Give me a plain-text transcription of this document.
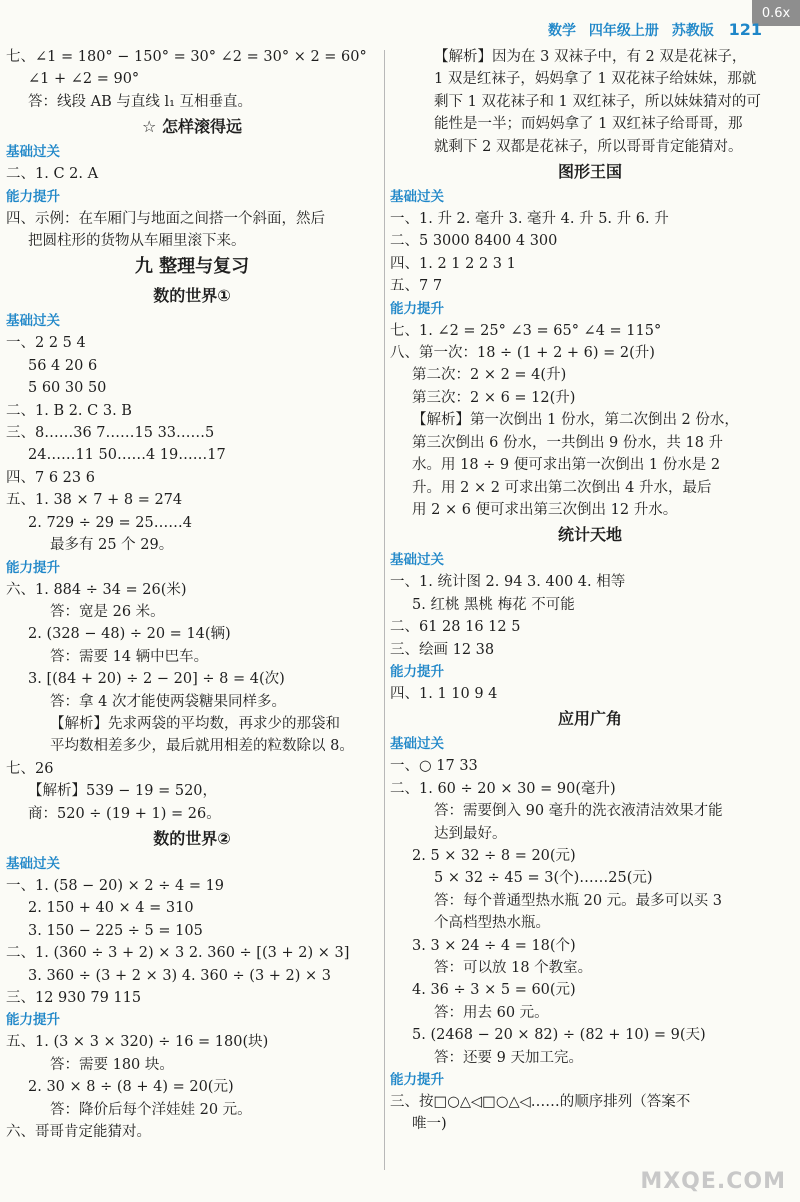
0.6x
数学 四年级上册 苏教版 121
七、∠1 = 180° − 150° = 30° ∠2 = 30° × 2 = 60°
∠1 + ∠2 = 90°
答：线段 AB 与直线 l₁ 互相垂直。
☆ 怎样滚得远
基础过关
二、1. C 2. A
能力提升
四、示例：在车厢门与地面之间搭一个斜面，然后
把圆柱形的货物从车厢里滚下来。
九 整理与复习
数的世界①
基础过关
一、2 2 5 4
56 4 20 6
5 60 30 50
二、1. B 2. C 3. B
三、8……36 7……15 33……5
24……11 50……4 19……17
四、7 6 23 6
五、1. 38 × 7 + 8 = 274
2. 729 ÷ 29 = 25……4
最多有 25 个 29。
能力提升
六、1. 884 ÷ 34 = 26(米)
答：宽是 26 米。
2. (328 − 48) ÷ 20 = 14(辆)
答：需要 14 辆中巴车。
3. [(84 + 20) ÷ 2 − 20] ÷ 8 = 4(次)
答：拿 4 次才能使两袋糖果同样多。
【解析】先求两袋的平均数，再求少的那袋和
平均数相差多少，最后就用相差的粒数除以 8。
七、26
【解析】539 − 19 = 520，
商：520 ÷ (19 + 1) = 26。
数的世界②
基础过关
一、1. (58 − 20) × 2 ÷ 4 = 19
2. 150 + 40 × 4 = 310
3. 150 − 225 ÷ 5 = 105
二、1. (360 ÷ 3 + 2) × 3 2. 360 ÷ [(3 + 2) × 3]
3. 360 ÷ (3 + 2 × 3) 4. 360 ÷ (3 + 2) × 3
三、12 930 79 115
能力提升
五、1. (3 × 3 × 320) ÷ 16 = 180(块)
答：需要 180 块。
2. 30 × 8 ÷ (8 + 4) = 20(元)
答：降价后每个洋娃娃 20 元。
六、哥哥肯定能猜对。
【解析】因为在 3 双袜子中，有 2 双是花袜子，
1 双是红袜子，妈妈拿了 1 双花袜子给妹妹，那就
剩下 1 双花袜子和 1 双红袜子，所以妹妹猜对的可
能性是一半；而妈妈拿了 1 双红袜子给哥哥，那
就剩下 2 双都是花袜子，所以哥哥肯定能猜对。
图形王国
基础过关
一、1. 升 2. 毫升 3. 毫升 4. 升 5. 升 6. 升
二、5 3000 8400 4 300
四、1. 2 1 2 2 3 1
五、7 7
能力提升
七、1. ∠2 = 25° ∠3 = 65° ∠4 = 115°
八、第一次：18 ÷ (1 + 2 + 6) = 2(升)
第二次：2 × 2 = 4(升)
第三次：2 × 6 = 12(升)
【解析】第一次倒出 1 份水，第二次倒出 2 份水，
第三次倒出 6 份水，一共倒出 9 份水，共 18 升
水。用 18 ÷ 9 便可求出第一次倒出 1 份水是 2
升。用 2 × 2 可求出第二次倒出 4 升水，最后
用 2 × 6 便可求出第三次倒出 12 升水。
统计天地
基础过关
一、1. 统计图 2. 94 3. 400 4. 相等
5. 红桃 黑桃 梅花 不可能
二、61 28 16 12 5
三、绘画 12 38
能力提升
四、1. 1 10 9 4
应用广角
基础过关
一、○ 17 33
二、1. 60 ÷ 20 × 30 = 90(毫升)
答：需要倒入 90 毫升的洗衣液清洁效果才能
达到最好。
2. 5 × 32 ÷ 8 = 20(元)
5 × 32 ÷ 45 = 3(个)……25(元)
答：每个普通型热水瓶 20 元。最多可以买 3
个高档型热水瓶。
3. 3 × 24 ÷ 4 = 18(个)
答：可以放 18 个教室。
4. 36 ÷ 3 × 5 = 60(元)
答：用去 60 元。
5. (2468 − 20 × 82) ÷ (82 + 10) = 9(天)
答：还要 9 天加工完。
能力提升
三、按□○△◁□○△◁……的顺序排列（答案不
唯一)
MXQE.COM
